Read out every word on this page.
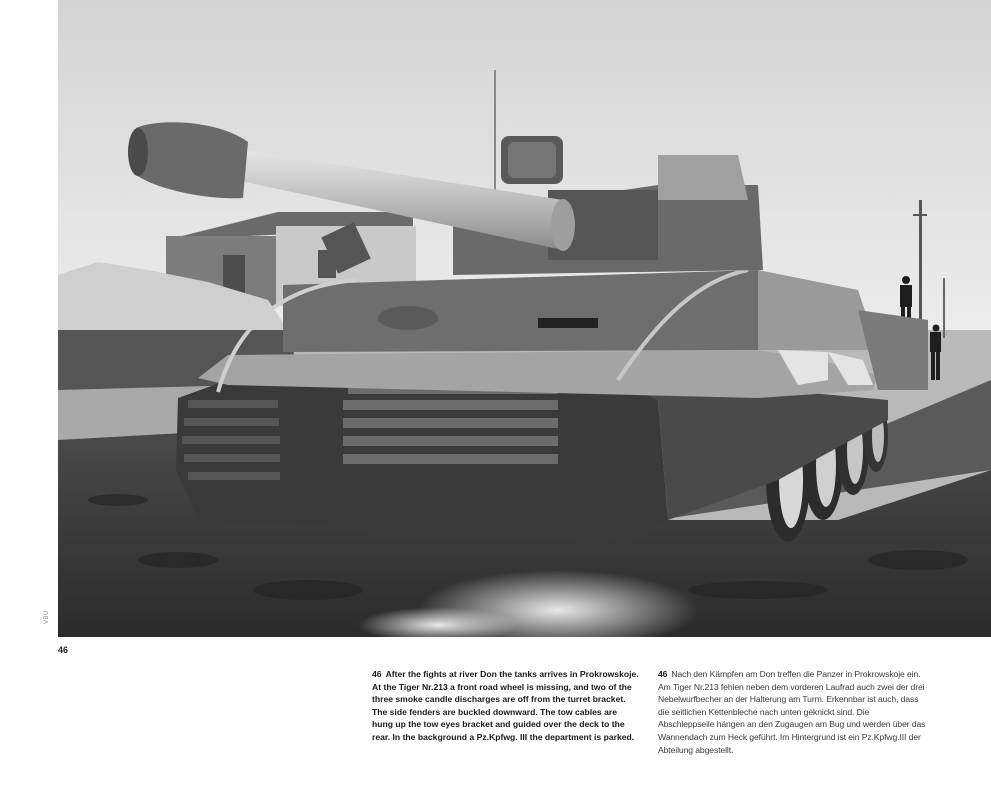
VBU
46

46 After the fights at river Don the tanks arrives in Prokrowskoje. At the Tiger Nr.213 a front road wheel is missing, and two of the three smoke candle discharges are off from the turret bracket. The side fenders are buckled downward. The tow cables are hung up the tow eyes bracket and guided over the deck to the rear. In the background a Pz.Kpfwg. III the department is parked.

46 Nach den Kämpfen am Don treffen die Panzer in Prokrowskoje ein. Am Tiger Nr.213 fehlen neben dem vorderen Laufrad auch zwei der drei Nebelwurfbecher an der Halterung am Turm. Erkennbar ist auch, dass die seitlichen Kettenbleche nach unten geknickt sind. Die Abschleppseile hängen an den Zugaugen am Bug und werden über das Wannendach zum Heck geführt. Im Hintergrund ist ein Pz.Kpfwg.III der Abteilung abgestellt.
